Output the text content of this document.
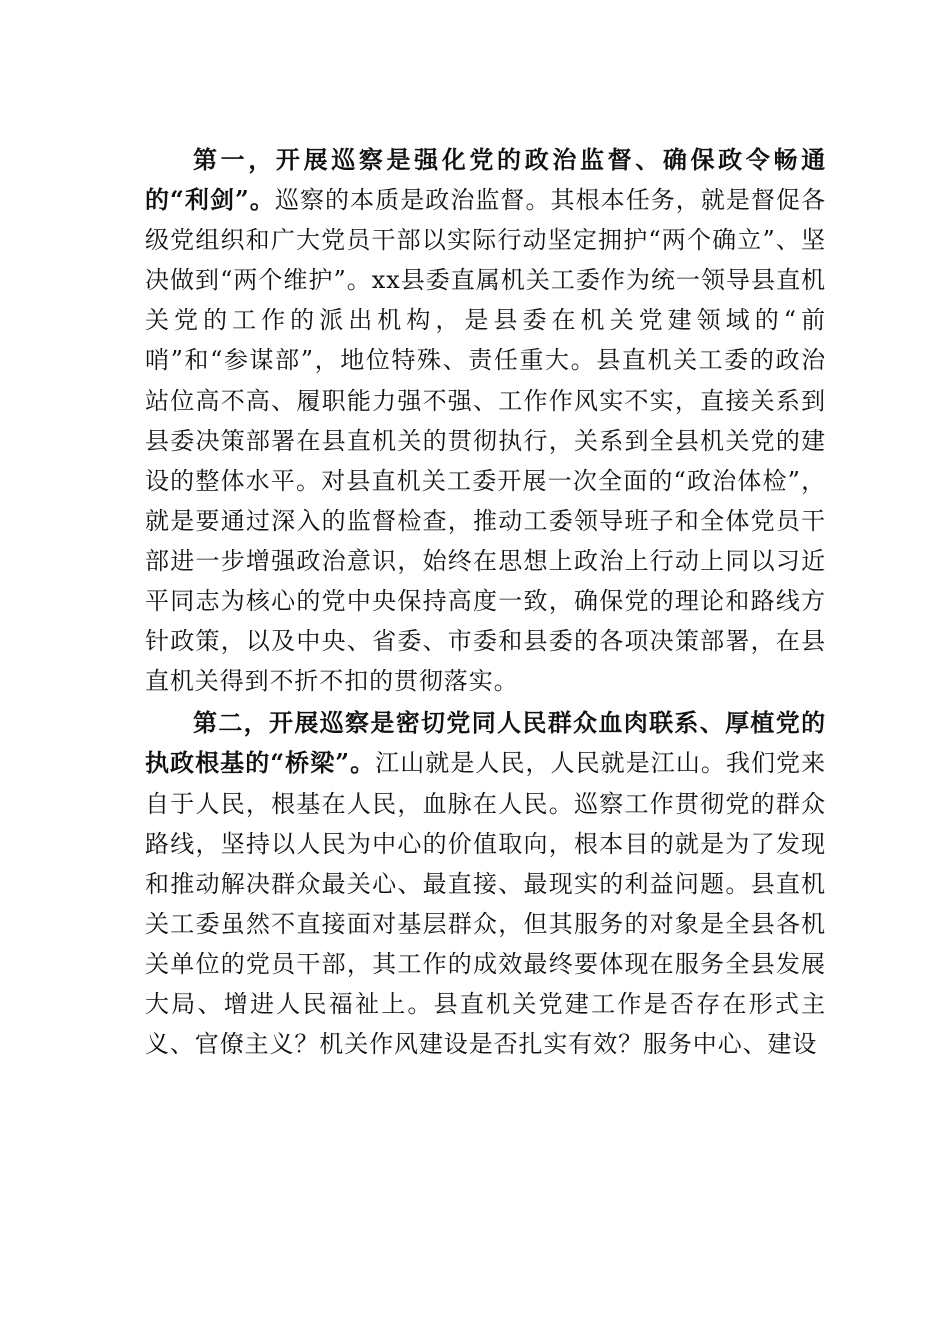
第一，开展巡察是强化党的政治监督、确保政令畅通的“利剑”。巡察的本质是政治监督。其根本任务，就是督促各级党组织和广大党员干部以实际行动坚定拥护“两个确立”、坚决做到“两个维护”。xx县委直属机关工委作为统一领导县直机关党的工作的派出机构，是县委在机关党建领域的“前哨”和“参谋部”，地位特殊、责任重大。县直机关工委的政治站位高不高、履职能力强不强、工作作风实不实，直接关系到县委决策部署在县直机关的贯彻执行，关系到全县机关党的建设的整体水平。对县直机关工委开展一次全面的“政治体检”，就是要通过深入的监督检查，推动工委领导班子和全体党员干部进一步增强政治意识，始终在思想上政治上行动上同以习近平同志为核心的党中央保持高度一致，确保党的理论和路线方针政策，以及中央、省委、市委和县委的各项决策部署，在县直机关得到不折不扣的贯彻落实。

第二，开展巡察是密切党同人民群众血肉联系、厚植党的执政根基的“桥梁”。江山就是人民，人民就是江山。我们党来自于人民，根基在人民，血脉在人民。巡察工作贯彻党的群众路线，坚持以人民为中心的价值取向，根本目的就是为了发现和推动解决群众最关心、最直接、最现实的利益问题。县直机关工委虽然不直接面对基层群众，但其服务的对象是全县各机关单位的党员干部，其工作的成效最终要体现在服务全县发展大局、增进人民福祉上。县直机关党建工作是否存在形式主义、官僚主义？机关作风建设是否扎实有效？服务中心、建设
